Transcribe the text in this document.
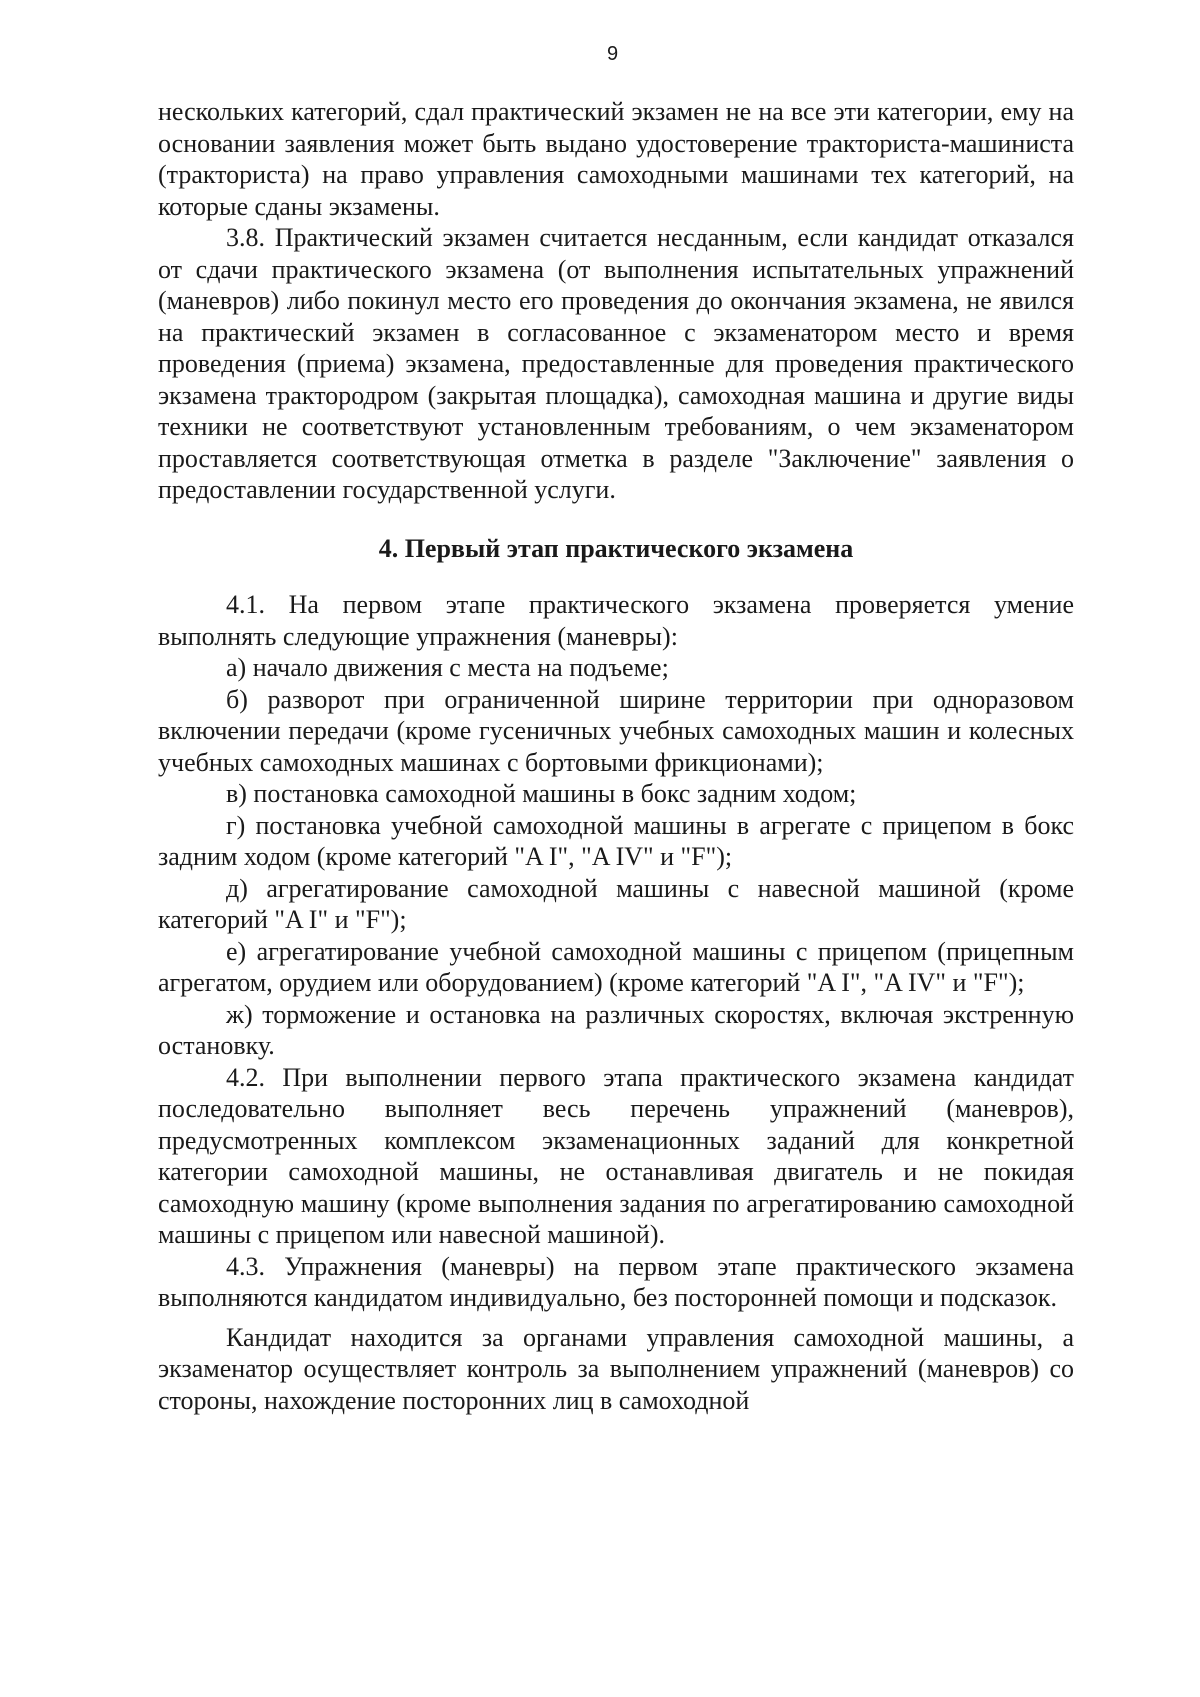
9

нескольких категорий, сдал практический экзамен не на все эти категории, ему на основании заявления может быть выдано удостоверение тракториста-машиниста (тракториста) на право управления самоходными машинами тех категорий, на которые сданы экзамены.

3.8. Практический экзамен считается несданным, если кандидат отказался от сдачи практического экзамена (от выполнения испытательных упражнений (маневров) либо покинул место его проведения до окончания экзамена, не явился на практический экзамен в согласованное с экзаменатором место и время проведения (приема) экзамена, предоставленные для проведения практического экзамена трактородром (закрытая площадка), самоходная машина и другие виды техники не соответствуют установленным требованиям, о чем экзаменатором проставляется соответствующая отметка в разделе "Заключение" заявления о предоставлении государственной услуги.

4. Первый этап практического экзамена

4.1. На первом этапе практического экзамена проверяется умение выполнять следующие упражнения (маневры):

а) начало движения с места на подъеме;

б) разворот при ограниченной ширине территории при одноразовом включении передачи (кроме гусеничных учебных самоходных машин и колесных учебных самоходных машинах с бортовыми фрикционами);

в) постановка самоходной машины в бокс задним ходом;

г) постановка учебной самоходной машины в агрегате с прицепом в бокс задним ходом (кроме категорий "A I", "A IV" и "F");

д) агрегатирование самоходной машины с навесной машиной (кроме категорий "A I" и "F");

е) агрегатирование учебной самоходной машины с прицепом (прицепным агрегатом, орудием или оборудованием) (кроме категорий "A I", "A IV" и "F");

ж) торможение и остановка на различных скоростях, включая экстренную остановку.

4.2. При выполнении первого этапа практического экзамена кандидат последовательно выполняет весь перечень упражнений (маневров), предусмотренных комплексом экзаменационных заданий для конкретной категории самоходной машины, не останавливая двигатель и не покидая самоходную машину (кроме выполнения задания по агрегатированию самоходной машины с прицепом или навесной машиной).

4.3. Упражнения (маневры) на первом этапе практического экзамена выполняются кандидатом индивидуально, без посторонней помощи и подсказок.

Кандидат находится за органами управления самоходной машины, а экзаменатор осуществляет контроль за выполнением упражнений (маневров) со стороны, нахождение посторонних лиц в самоходной
